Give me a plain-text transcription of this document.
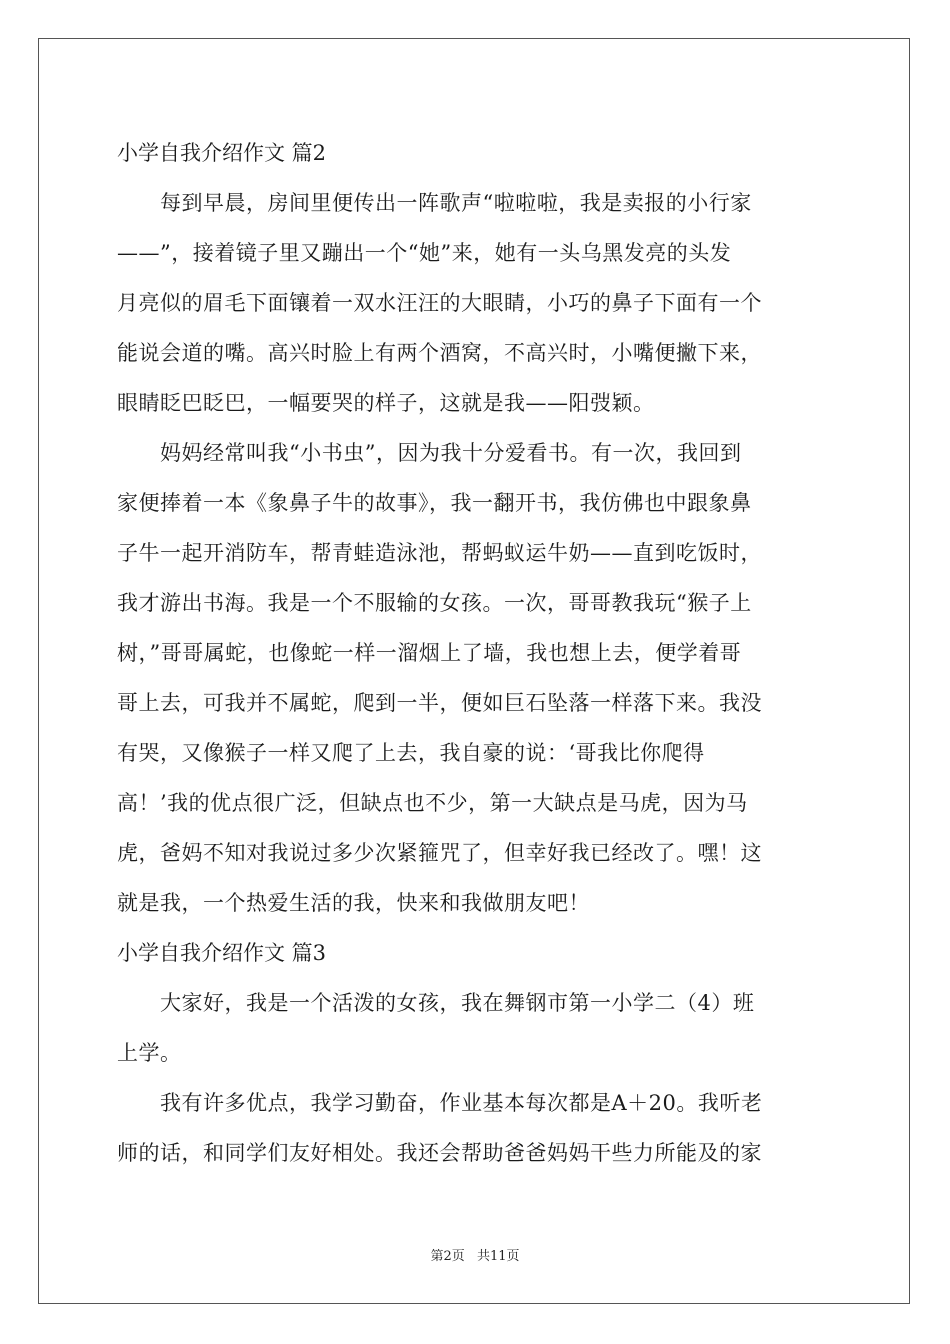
小学自我介绍作文 篇2
　　每到早晨，房间里便传出一阵歌声“啦啦啦，我是卖报的小行家
——”，接着镜子里又蹦出一个“她”来，她有一头乌黑发亮的头发
月亮似的眉毛下面镶着一双水汪汪的大眼睛，小巧的鼻子下面有一个
能说会道的嘴。高兴时脸上有两个酒窝，不高兴时，小嘴便撇下来，
眼睛眨巴眨巴，一幅要哭的样子，这就是我——阳弢颖。
　　妈妈经常叫我“小书虫”，因为我十分爱看书。有一次，我回到
家便捧着一本《象鼻子牛的故事》，我一翻开书，我仿佛也中跟象鼻
子牛一起开消防车，帮青蛙造泳池，帮蚂蚁运牛奶——直到吃饭时，
我才游出书海。我是一个不服输的女孩。一次，哥哥教我玩“猴子上
树，”哥哥属蛇，也像蛇一样一溜烟上了墙，我也想上去，便学着哥
哥上去，可我并不属蛇，爬到一半，便如巨石坠落一样落下来。我没
有哭，又像猴子一样又爬了上去，我自豪的说：‘哥我比你爬得
高！’我的优点很广泛，但缺点也不少，第一大缺点是马虎，因为马
虎，爸妈不知对我说过多少次紧箍咒了，但幸好我已经改了。嘿！这
就是我，一个热爱生活的我，快来和我做朋友吧！
小学自我介绍作文 篇3
　　大家好，我是一个活泼的女孩，我在舞钢市第一小学二（4）班
上学。
　　我有许多优点，我学习勤奋，作业基本每次都是A＋20。我听老
师的话，和同学们友好相处。我还会帮助爸爸妈妈干些力所能及的家
第2页 共11页
